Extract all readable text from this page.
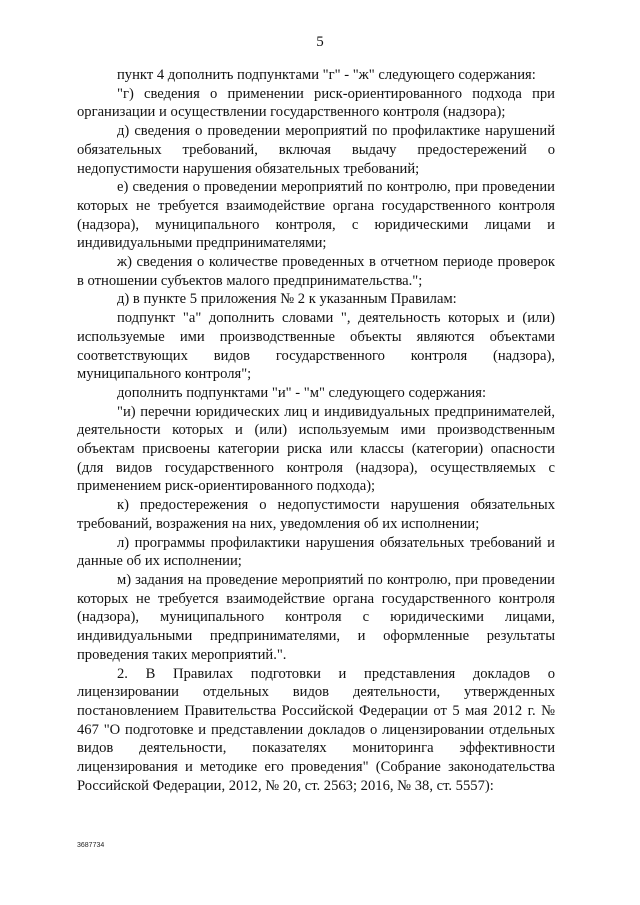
5

пункт 4 дополнить подпунктами "г" - "ж" следующего содержания:

"г) сведения о применении риск-ориентированного подхода при организации и осуществлении государственного контроля (надзора);

д) сведения о проведении мероприятий по профилактике нарушений обязательных требований, включая выдачу предостережений о недопустимости нарушения обязательных требований;

е) сведения о проведении мероприятий по контролю, при проведении которых не требуется взаимодействие органа государственного контроля (надзора), муниципального контроля, с юридическими лицами и индивидуальными предпринимателями;

ж) сведения о количестве проведенных в отчетном периоде проверок в отношении субъектов малого предпринимательства.";

д) в пункте 5 приложения № 2 к указанным Правилам:

подпункт "а" дополнить словами ", деятельность которых и (или) используемые ими производственные объекты являются объектами соответствующих видов государственного контроля (надзора), муниципального контроля";

дополнить подпунктами "и" - "м" следующего содержания:

"и) перечни юридических лиц и индивидуальных предпринимателей, деятельности которых и (или) используемым ими производственным объектам присвоены категории риска или классы (категории) опасности (для видов государственного контроля (надзора), осуществляемых с применением риск-ориентированного подхода);

к) предостережения о недопустимости нарушения обязательных требований, возражения на них, уведомления об их исполнении;

л) программы профилактики нарушения обязательных требований и данные об их исполнении;

м) задания на проведение мероприятий по контролю, при проведении которых не требуется взаимодействие органа государственного контроля (надзора), муниципального контроля с юридическими лицами, индивидуальными предпринимателями, и оформленные результаты проведения таких мероприятий.".

2. В Правилах подготовки и представления докладов о лицензировании отдельных видов деятельности, утвержденных постановлением Правительства Российской Федерации от 5 мая 2012 г. № 467 "О подготовке и представлении докладов о лицензировании отдельных видов деятельности, показателях мониторинга эффективности лицензирования и методике его проведения" (Собрание законодательства Российской Федерации, 2012, № 20, ст. 2563; 2016, № 38, ст. 5557):

3687734
